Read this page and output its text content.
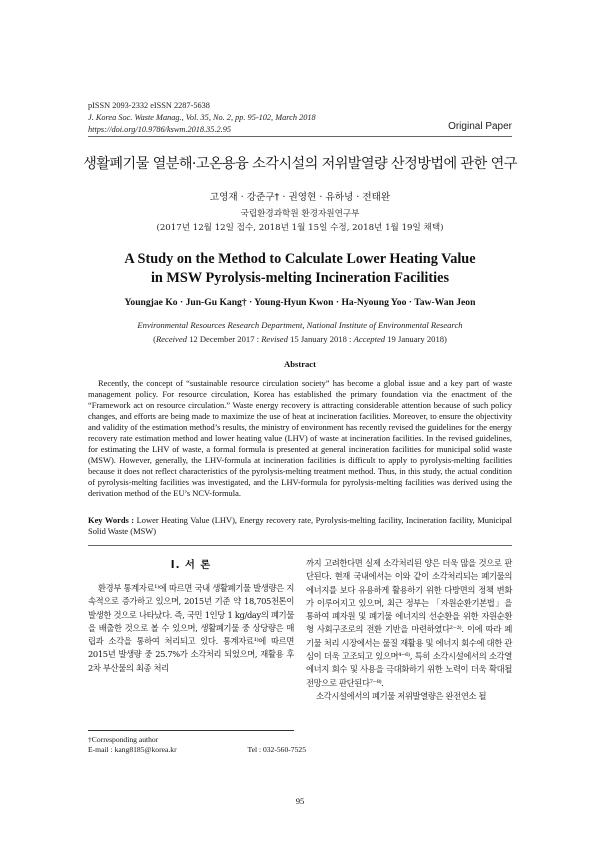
pISSN 2093-2332 eISSN 2287-5638
J. Korea Soc. Waste Manag., Vol. 35, No. 2, pp. 95-102, March 2018
https://doi.org/10.9786/kswm.2018.35.2.95	Original Paper
생활폐기물 열분해·고온용융 소각시설의 저위발열량 산정방법에 관한 연구
고영재 · 강준구† · 권영현 · 유하녕 · 전태완
국립환경과학원 환경자원연구부
(2017년 12월 12일 접수, 2018년 1월 15일 수정, 2018년 1월 19일 채택)
A Study on the Method to Calculate Lower Heating Value
in MSW Pyrolysis-melting Incineration Facilities
Youngjae Ko · Jun-Gu Kang† · Young-Hyun Kwon · Ha-Nyoung Yoo · Taw-Wan Jeon
Environmental Resources Research Department, National Institute of Environmental Research
(Received 12 December 2017 : Revised 15 January 2018 : Accepted 19 January 2018)
Abstract
Recently, the concept of “sustainable resource circulation society” has become a global issue and a key part of waste management policy. For resource circulation, Korea has established the primary foundation via the enactment of the “Framework act on resource circulation.” Waste energy recovery is attracting considerable attention because of such policy changes, and efforts are being made to maximize the use of heat at incineration facilities. Moreover, to ensure the objectivity and validity of the estimation method’s results, the ministry of environment has recently revised the guidelines for the energy recovery rate estimation method and lower heating value (LHV) of waste at incineration facilities. In the revised guidelines, for estimating the LHV of waste, a formal formula is presented at general incineration facilities for municipal solid waste (MSW). However, generally, the LHV-formula at incineration facilities is difficult to apply to pyrolysis-melting facilities because it does not reflect characteristics of the pyrolysis-melting treatment method. Thus, in this study, the actual condition of pyrolysis-melting facilities was investigated, and the LHV-formula for pyrolysis-melting facilities was derived using the derivation method of the EU’s NCV-formula.
Key Words : Lower Heating Value (LHV), Energy recovery rate, Pyrolysis-melting facility, Incineration facility, Municipal Solid Waste (MSW)
I. 서 론

환경부 통계자료¹⁾에 따르면 국내 생활폐기물 발생량은 지속적으로 증가하고 있으며, 2015년 기준 약 18,705천톤이 발생한 것으로 나타났다. 즉, 국민 1인당 1 kg/day의 폐기물을 배출한 것으로 볼 수 있으며, 생활폐기물 중 상당량은 매립과 소각을 통하여 처리되고 있다. 통계자료¹⁾에 따르면 2015년 발생량 중 25.7%가 소각처리 되었으며, 재활용 후 2차 부산물의 최종 처리

까지 고려한다면 실제 소각처리된 양은 더욱 많을 것으로 판단된다. 현재 국내에서는 이와 같이 소각처리되는 폐기물의 에너지를 보다 유용하게 활용하기 위한 다방면의 정책 변화가 이루어지고 있으며, 최근 정부는 「자원순환기본법」을 통하여 폐자원 및 폐기물 에너지의 선순환을 위한 자원순환형 사회구조로의 전환 기반을 마련하였다²⁻³⁾. 이에 따라 폐기물 처리 시장에서는 물질 재활용 및 에너지 회수에 대한 관심이 더욱 고조되고 있으며⁴⁻⁶⁾, 특히 소각시설에서의 소각열에너지 회수 및 사용을 극대화하기 위한 노력이 더욱 확대될 전망으로 판단된다⁷⁻⁸⁾.

소각시설에서의 폐기물 저위발열량은 완전연소 될

†Corresponding author
E-mail : kang8185@korea.kr	Tel : 032-560-7525
95
